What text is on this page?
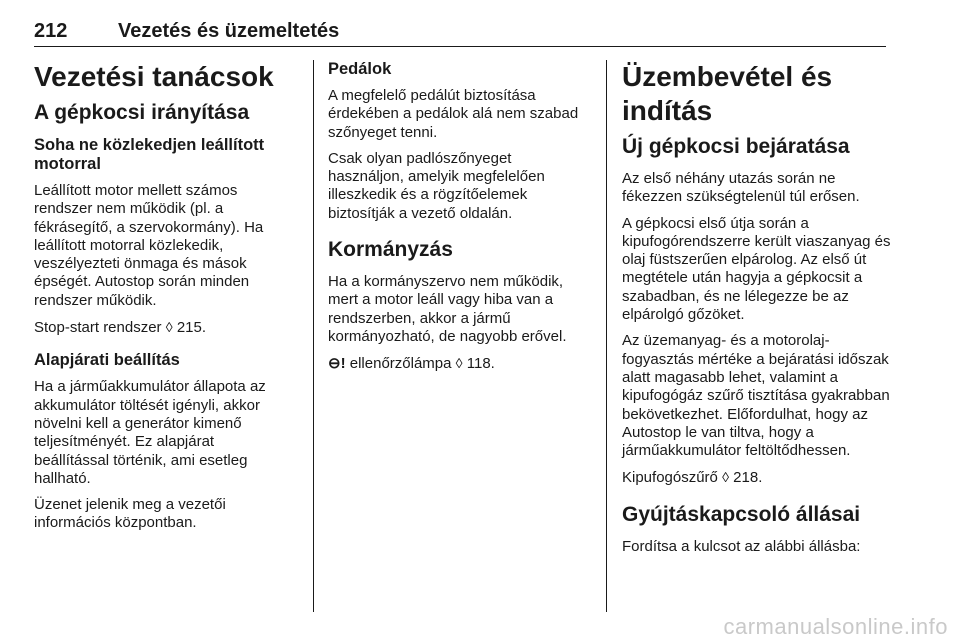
212	Vezetés és üzemeltetés
Vezetési tanácsok
A gépkocsi irányítása
Soha ne közlekedjen leállított motorral

Leállított motor mellett számos rendszer nem működik (pl. a fékrásegítő, a szervokormány). Ha leállított motorral közlekedik, veszélyezteti önmaga és mások épségét. Autostop során minden rendszer működik.

Stop-start rendszer ◊ 215.

Alapjárati beállítás

Ha a járműakkumulátor állapota az akkumulátor töltését igényli, akkor növelni kell a generátor kimenő teljesítményét. Ez alapjárat beállítással történik, ami esetleg hallható.

Üzenet jelenik meg a vezetői információs központban.

Pedálok

A megfelelő pedálút biztosítása érdekében a pedálok alá nem szabad szőnyeget tenni.

Csak olyan padlószőnyeget használjon, amelyik megfelelően illeszkedik és a rögzítőelemek biztosítják a vezető oldalán.

Kormányzás

Ha a kormányszervo nem működik, mert a motor leáll vagy hiba van a rendszerben, akkor a jármű kormányozható, de nagyobb erővel.

⊖! ellenőrzőlámpa ◊ 118.

Üzembevétel és indítás
Új gépkocsi bejáratása

Az első néhány utazás során ne fékezzen szükségtelenül túl erősen.

A gépkocsi első útja során a kipufogórendszerre került viaszanyag és olaj füstszerűen elpárolog. Az első út megtétele után hagyja a gépkocsit a szabadban, és ne lélegezze be az elpárolgó gőzöket.

Az üzemanyag- és a motorolaj-fogyasztás mértéke a bejáratási időszak alatt magasabb lehet, valamint a kipufogógáz szűrő tisztítása gyakrabban bekövetkezhet. Előfordulhat, hogy az Autostop le van tiltva, hogy a járműakkumulátor feltöltődhessen.

Kipufogószűrő ◊ 218.

Gyújtáskapcsoló állásai

Fordítsa a kulcsot az alábbi állásba:

carmanualsonline.info
